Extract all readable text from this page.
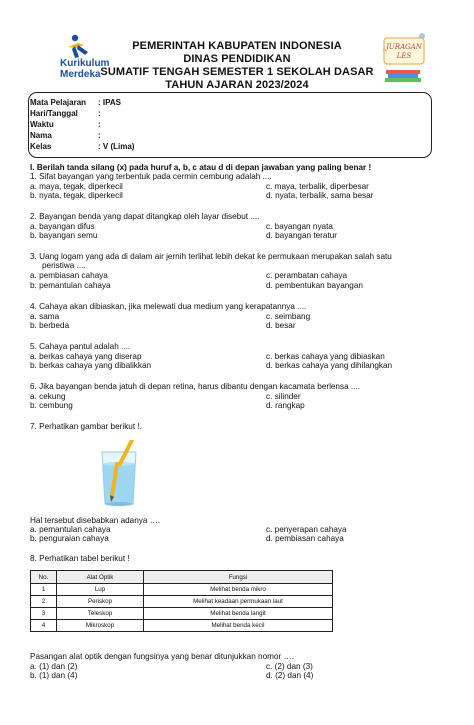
Kurikulum
Merdeka
PEMERINTAH KABUPATEN INDONESIA
DINAS PENDIDIKAN
SUMATIF TENGAH SEMESTER 1 SEKOLAH DASAR
TAHUN AJARAN 2023/2024
JURAGAN
LES
Mata Pelajaran : IPAS
Hari/Tanggal	:
Waktu	:
Nama	:
Kelas	: V (Lima)
I. Berilah tanda silang (x) pada huruf a, b, c atau d di depan jawaban yang paling benar !
1. Sifat bayangan yang terbentuk pada cermin cembung adalah ....
a. maya, tegak, diperkecil	c. maya, terbalik, diperbesar
b. nyata, tegak, diperkecil	d. nyata, terbalik, sama besar
2. Bayangan benda yang dapat ditangkap oleh layar disebut ....
a. bayangan difus	c. bayangan nyata
b. bayangan semu	d. bayangan teratur
3. Uang logam yang ada di dalam air jernih terlihat lebih dekat ke permukaan merupakan salah satu
peristiwa ....
a. pembiasan cahaya	c. perambatan cahaya
b. pemantulan cahaya	d. pembentukan bayangan
4. Cahaya akan dibiaskan, jika melewati dua medium yang kerapatannya ....
a. sama	c. seimbang
b. berbeda	d. besar
5. Cahaya pantul adalah ....
a. berkas cahaya yang diserap	c. berkas cahaya yang dibiaskan
b. berkas cahaya yang dibalikkan	d. berkas cahaya yang dihilangkan
6. Jika bayangan benda jatuh di depan retina, harus dibantu dengan kacamata berlensa ....
a. cekung	c. silinder
b. cembung	d. rangkap
7. Perhatikan gambar berikut !.
Hal tersebut disebabkan adanya ….
a. pemantulan cahaya	c. penyerapan cahaya
b. penguraian cahaya	d. pembiasan cahaya
8. Perhatikan tabel berikut !
No.	Alat Optik	Fungsi
1	Lup	Melihat benda mikro
2	Periskop	Melihat keadaan permukaan laut
3	Teleskop	Melihat benda langit
4	Mikroskop	Melihat benda kecil
Pasangan alat optik dengan fungsinya yang benar ditunjukkan nomor ….
a. (1) dan (2)	c. (2) dan (3)
b. (1) dan (4)	d. (2) dan (4)
